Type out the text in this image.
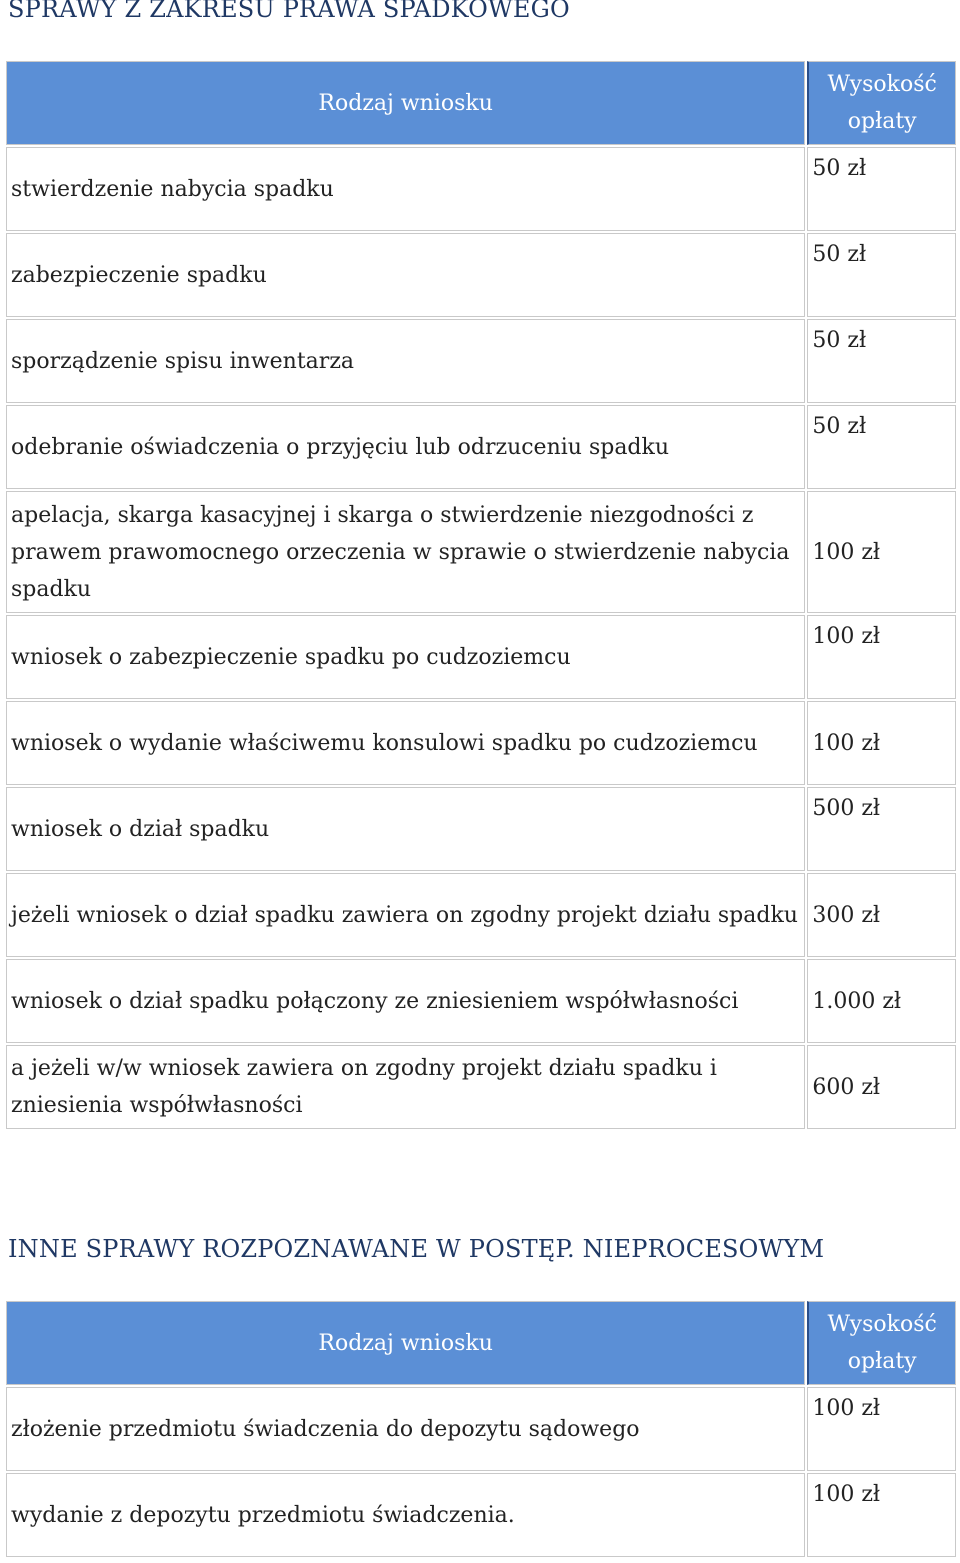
SPRAWY Z ZAKRESU PRAWA SPADKOWEGO
Rodzaj wniosku	Wysokość opłaty
stwierdzenie nabycia spadku	50 zł
zabezpieczenie spadku	50 zł
sporządzenie spisu inwentarza	50 zł
odebranie oświadczenia o przyjęciu lub odrzuceniu spadku	50 zł
apelacja, skarga kasacyjnej i skarga o stwierdzenie niezgodności z prawem prawomocnego orzeczenia w sprawie o stwierdzenie nabycia spadku	100 zł
wniosek o zabezpieczenie spadku po cudzoziemcu	100 zł
wniosek o wydanie właściwemu konsulowi spadku po cudzoziemcu	100 zł
wniosek o dział spadku	500 zł
jeżeli wniosek o dział spadku zawiera on zgodny projekt działu spadku	300 zł
wniosek o dział spadku połączony ze zniesieniem współwłasności	1.000 zł
a jeżeli w/w wniosek zawiera on zgodny projekt działu spadku i zniesienia współwłasności	600 zł
INNE SPRAWY ROZPOZNAWANE W POSTĘP. NIEPROCESOWYM
Rodzaj wniosku	Wysokość opłaty
złożenie przedmiotu świadczenia do depozytu sądowego	100 zł
wydanie z depozytu przedmiotu świadczenia.	100 zł
